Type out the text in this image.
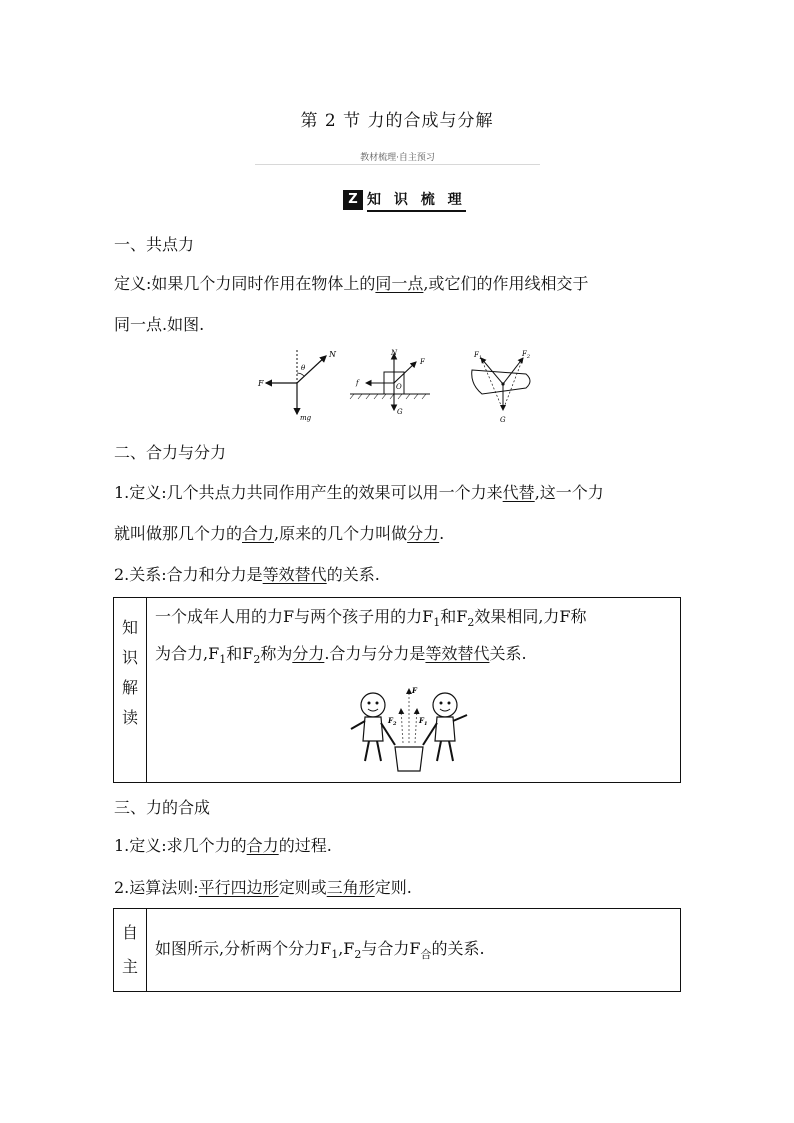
第 2 节 力的合成与分解
教材梳理·自主预习
Z 知 识 梳 理
一、共点力
定义:如果几个力同时作用在物体上的同一点,或它们的作用线相交于
同一点.如图.
F
N
θ
mg
N
F
f	O
G
$F_1$	$F_2$
G
二、合力与分力
1.定义:几个共点力共同作用产生的效果可以用一个力来代替,这一个力
就叫做那几个力的合力,原来的几个力叫做分力.
2.关系:合力和分力是等效替代的关系.
知
识
解
读

一个成年人用的力F与两个孩子用的力$F_1$和$F_2$效果相同,力F称
为合力$,F_1$和$F_2$称为分力.合力与分力是等效替代关系.
F
$F_2$	$F_1$
三、力的合成
1.定义:求几个力的合力的过程.
2.运算法则:平行四边形定则或三角形定则.
自
主
	如图所示,分析两个分力$F_1,F_2$与合力$F_合$的关系.
